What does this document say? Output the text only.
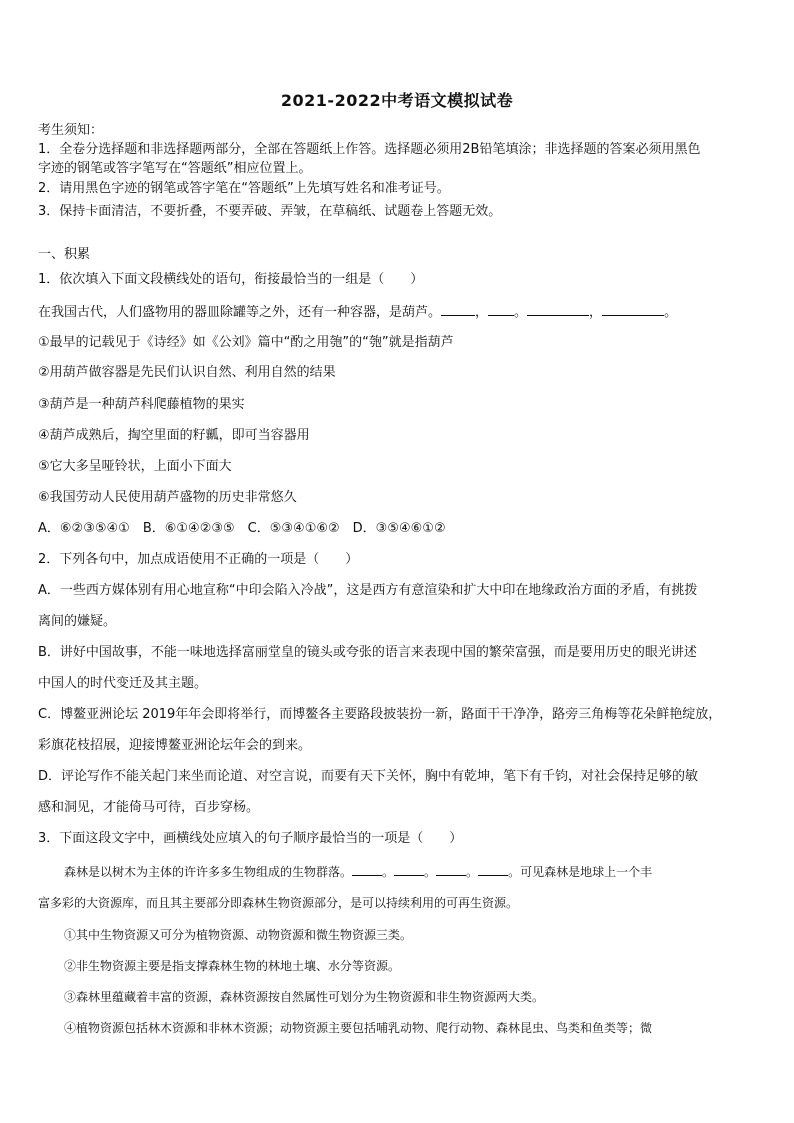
2021-2022中考语文模拟试卷
考生须知：
1．全卷分选择题和非选择题两部分，全部在答题纸上作答。选择题必须用2B铅笔填涂；非选择题的答案必须用黑色
字迹的钢笔或答字笔写在“答题纸”相应位置上。
2．请用黑色字迹的钢笔或答字笔在“答题纸”上先填写姓名和准考证号。
3．保持卡面清洁，不要折叠，不要弄破、弄皱，在草稿纸、试题卷上答题无效。
一、积累
1．依次填入下面文段横线处的语句，衔接最恰当的一组是（　　）
在我国古代，人们盛物用的器皿除罐等之外，还有一种容器，是葫芦。	， 。	，	。
①最早的记载见于《诗经》如《公刘》篇中“酌之用匏”的“匏”就是指葫芦
②用葫芦做容器是先民们认识自然、利用自然的结果
③葫芦是一种葫芦科爬藤植物的果实
④葫芦成熟后，掏空里面的籽瓤，即可当容器用
⑤它大多呈哑铃状，上面小下面大
⑥我国劳动人民使用葫芦盛物的历史非常悠久
A．⑥②③⑤④①　B．⑥①④②③⑤　C．⑤③④①⑥②　D．③⑤④⑥①②
2．下列各句中，加点成语使用不正确的一项是（　　）
A．一些西方媒体别有用心地宣称“中印会陷入冷战”，这是西方有意渲染和扩大中印在地缘政治方面的矛盾，有挑拨
离间的嫌疑。
B．讲好中国故事，不能一味地选择富丽堂皇的镜头或夸张的语言来表现中国的繁荣富强，而是要用历史的眼光讲述
中国人的时代变迁及其主题。
C．博鳌亚洲论坛 2019年年会即将举行，而博鳌各主要路段披装扮一新，路面干干净净，路旁三角梅等花朵鲜艳绽放，
彩旗花枝招展，迎接博鳌亚洲论坛年会的到来。
D．评论写作不能关起门来坐而论道、对空言说，而要有天下关怀，胸中有乾坤，笔下有千钧，对社会保持足够的敏
感和洞见，才能倚马可待，百步穿杨。
3．下面这段文字中，画横线处应填入的句子顺序最恰当的一项是（　　）
森林是以树木为主体的许许多多生物组成的生物群落。	。	。	。	。可见森林是地球上一个丰
富多彩的大资源库，而且其主要部分即森林生物资源部分，是可以持续利用的可再生资源。
①其中生物资源又可分为植物资源、动物资源和微生物资源三类。
②非生物资源主要是指支撑森林生物的林地土壤、水分等资源。
③森林里蕴藏着丰富的资源，森林资源按自然属性可划分为生物资源和非生物资源两大类。
④植物资源包括林木资源和非林木资源；动物资源主要包括哺乳动物、爬行动物、森林昆虫、鸟类和鱼类等；微
